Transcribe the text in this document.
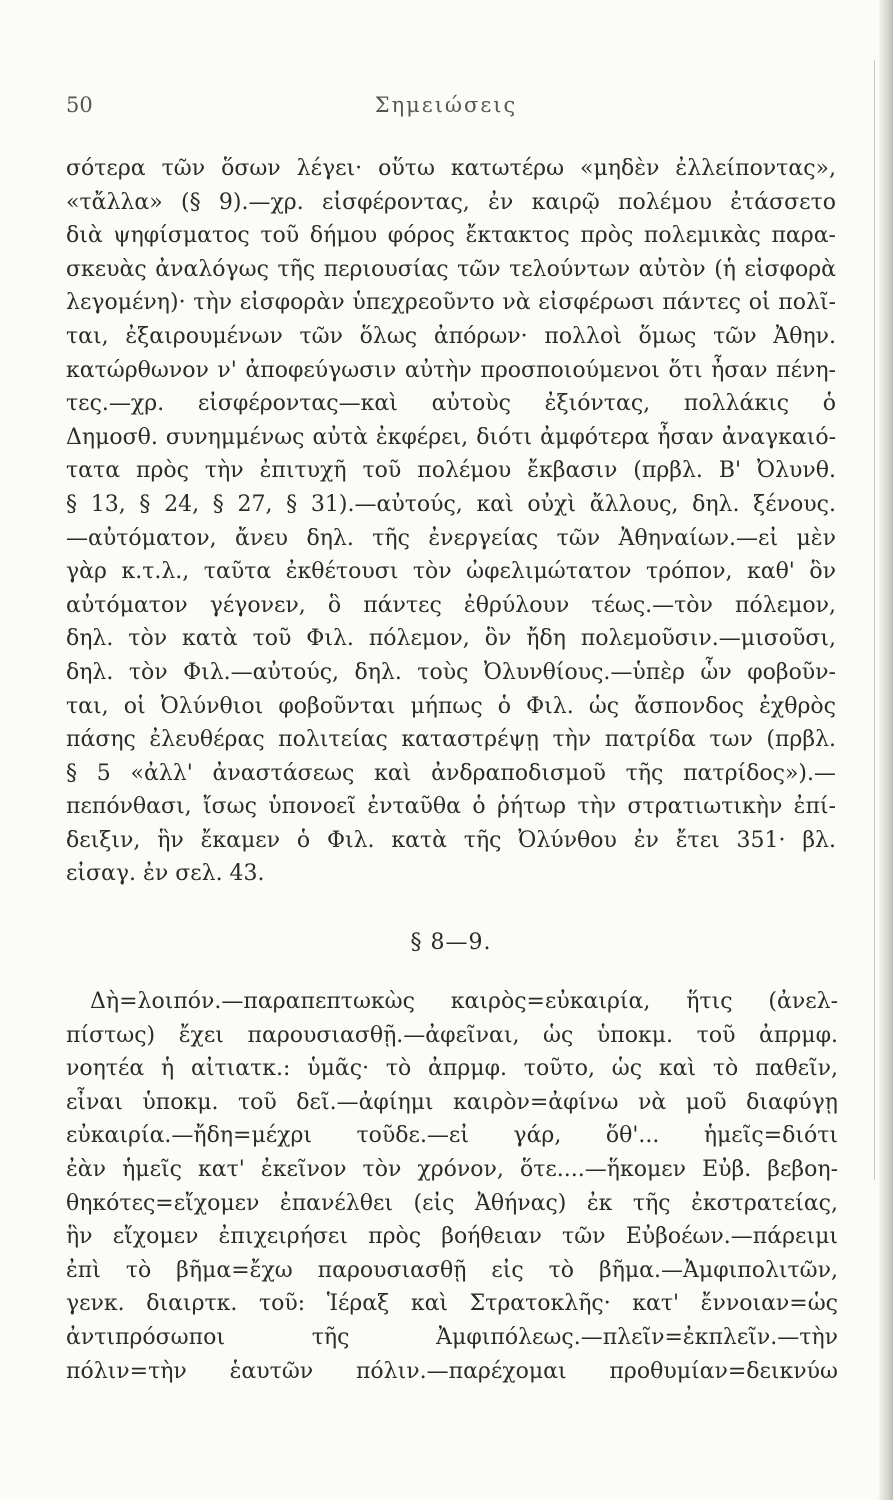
50	Σημειώσεις
σότερα τῶν ὅσων λέγει· οὕτω κατωτέρω «μηδὲν ἐλλείποντας»,
«τἄλλα» (§ 9).—χρ. εἰσφέροντας, ἐν καιρῷ πολέμου ἐτάσσετο
διὰ ψηφίσματος τοῦ δήμου φόρος ἔκτακτος πρὸς πολεμικὰς παρα-
σκευὰς ἀναλόγως τῆς περιουσίας τῶν τελούντων αὐτὸν (ἡ εἰσφορὰ
λεγομένη)· τὴν εἰσφορὰν ὑπεχρεοῦντο νὰ εἰσφέρωσι πάντες οἱ πολῖ-
ται, ἐξαιρουμένων τῶν ὅλως ἀπόρων· πολλοὶ ὅμως τῶν Ἀθην.
κατώρθωνον ν' ἀποφεύγωσιν αὐτὴν προσποιούμενοι ὅτι ἦσαν πένη-
τες.—χρ. εἰσφέροντας—καὶ αὐτοὺς ἐξιόντας, πολλάκις ὁ
Δημοσθ. συνημμένως αὐτὰ ἐκφέρει, διότι ἀμφότερα ἦσαν ἀναγκαιό-
τατα πρὸς τὴν ἐπιτυχῆ τοῦ πολέμου ἔκβασιν (πρβλ. Β' Ὀλυνθ.
§ 13, § 24, § 27, § 31).—αὐτούς, καὶ οὐχὶ ἄλλους, δηλ. ξένους.
—αὐτόματον, ἄνευ δηλ. τῆς ἐνεργείας τῶν Ἀθηναίων.—εἰ μὲν
γὰρ κ.τ.λ., ταῦτα ἐκθέτουσι τὸν ὠφελιμώτατον τρόπον, καθ' ὃν
αὐτόματον γέγονεν, ὃ πάντες ἐθρύλουν τέως.—τὸν πόλεμον,
δηλ. τὸν κατὰ τοῦ Φιλ. πόλεμον, ὃν ἤδη πολεμοῦσιν.—μισοῦσι,
δηλ. τὸν Φιλ.—αὐτούς, δηλ. τοὺς Ὀλυνθίους.—ὑπὲρ ὧν φοβοῦν-
ται, οἱ Ὀλύνθιοι φοβοῦνται μήπως ὁ Φιλ. ὡς ἄσπονδος ἐχθρὸς
πάσης ἐλευθέρας πολιτείας καταστρέψῃ τὴν πατρίδα των (πρβλ.
§ 5 «ἀλλ' ἀναστάσεως καὶ ἀνδραποδισμοῦ τῆς πατρίδος»).—
πεπόνθασι, ἴσως ὑπονοεῖ ἐνταῦθα ὁ ῥήτωρ τὴν στρατιωτικὴν ἐπί-
δειξιν, ἣν ἔκαμεν ὁ Φιλ. κατὰ τῆς Ὀλύνθου ἐν ἔτει 351· βλ.
εἰσαγ. ἐν σελ. 43.
§ 8—9.
Δὴ=λοιπόν.—παραπεπτωκὼς καιρὸς=εὐκαιρία, ἥτις (ἀνελ-
πίστως) ἔχει παρουσιασθῇ.—ἀφεῖναι, ὡς ὑποκμ. τοῦ ἀπρμφ.
νοητέα ἡ αἰτιατκ.: ὑμᾶς· τὸ ἀπρμφ. τοῦτο, ὡς καὶ τὸ παθεῖν,
εἶναι ὑποκμ. τοῦ δεῖ.—ἀφίημι καιρὸν=ἀφίνω νὰ μοῦ διαφύγῃ
εὐκαιρία.—ἤδη=μέχρι τοῦδε.—εἰ γάρ, ὅθ'... ἡμεῖς=διότι
ἐὰν ἡμεῖς κατ' ἐκεῖνον τὸν χρόνον, ὅτε....—ἥκομεν Εὐβ. βεβοη-
θηκότες=εἴχομεν ἐπανέλθει (εἰς Ἀθήνας) ἐκ τῆς ἐκστρατείας,
ἣν εἴχομεν ἐπιχειρήσει πρὸς βοήθειαν τῶν Εὐβοέων.—πάρειμι
ἐπὶ τὸ βῆμα=ἔχω παρουσιασθῇ εἰς τὸ βῆμα.—Ἀμφιπολιτῶν,
γενκ. διαιρτκ. τοῦ: Ἱέραξ καὶ Στρατοκλῆς· κατ' ἔννοιαν=ὡς
ἀντιπρόσωποι τῆς Ἀμφιπόλεως.—πλεῖν=ἐκπλεῖν.—τὴν
πόλιν=τὴν ἑαυτῶν πόλιν.—παρέχομαι προθυμίαν=δεικνύω
